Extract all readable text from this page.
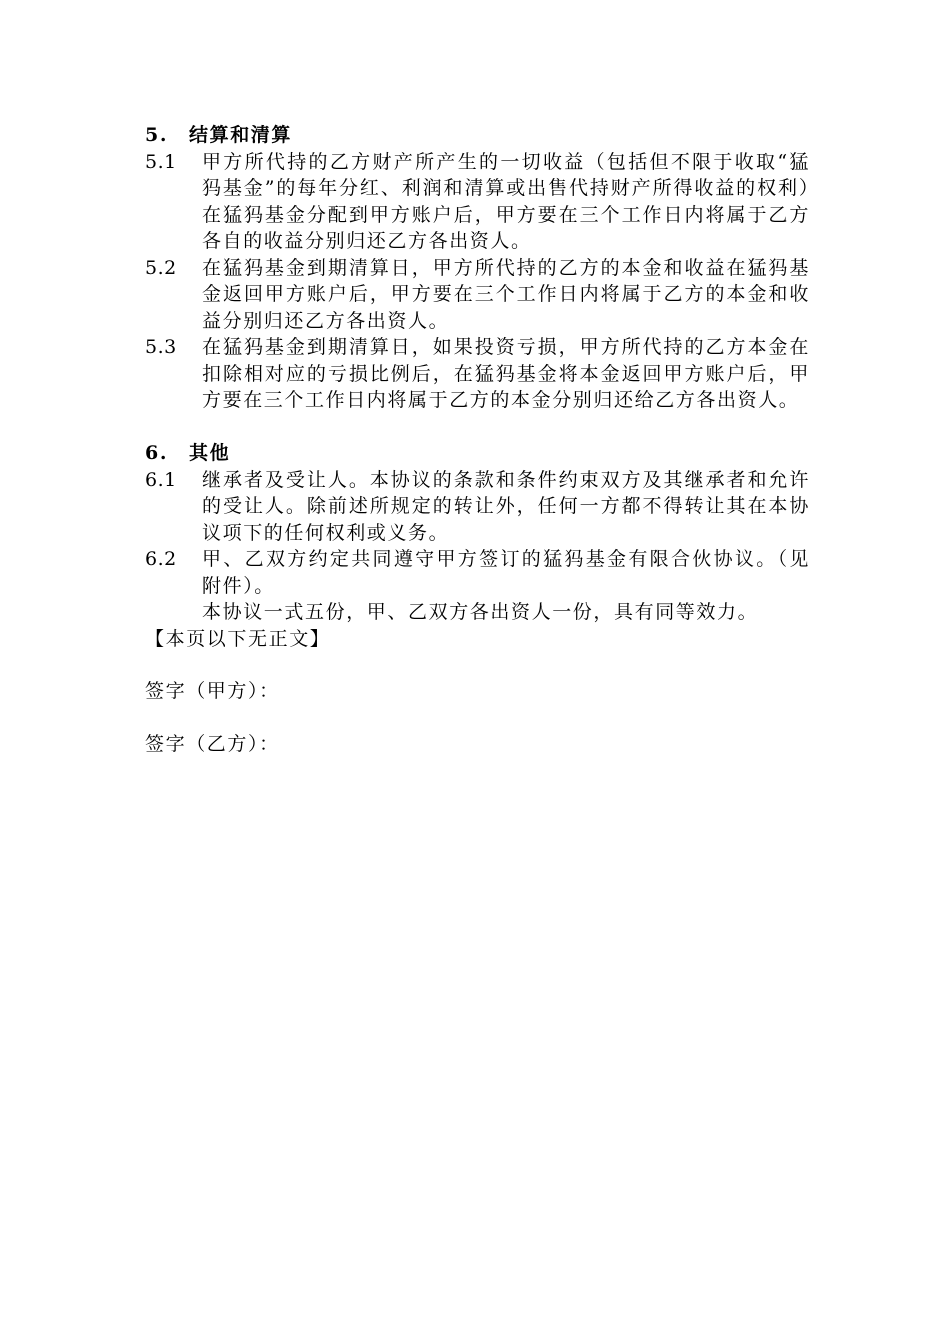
5.	结算和清算
5.1	甲方所代持的乙方财产所产生的一切收益（包括但不限于收取“猛犸基金”的每年分红、利润和清算或出售代持财产所得收益的权利）在猛犸基金分配到甲方账户后，甲方要在三个工作日内将属于乙方各自的收益分别归还乙方各出资人。
5.2	在猛犸基金到期清算日，甲方所代持的乙方的本金和收益在猛犸基金返回甲方账户后，甲方要在三个工作日内将属于乙方的本金和收益分别归还乙方各出资人。
5.3	在猛犸基金到期清算日，如果投资亏损，甲方所代持的乙方本金在扣除相对应的亏损比例后，在猛犸基金将本金返回甲方账户后，甲方要在三个工作日内将属于乙方的本金分别归还给乙方各出资人。
6.	其他
6.1	继承者及受让人。本协议的条款和条件约束双方及其继承者和允许的受让人。除前述所规定的转让外，任何一方都不得转让其在本协议项下的任何权利或义务。
6.2	甲、乙双方约定共同遵守甲方签订的猛犸基金有限合伙协议。（见附件）。

本协议一式五份，甲、乙双方各出资人一份，具有同等效力。

【本页以下无正文】

签字（甲方）：

签字（乙方）：
